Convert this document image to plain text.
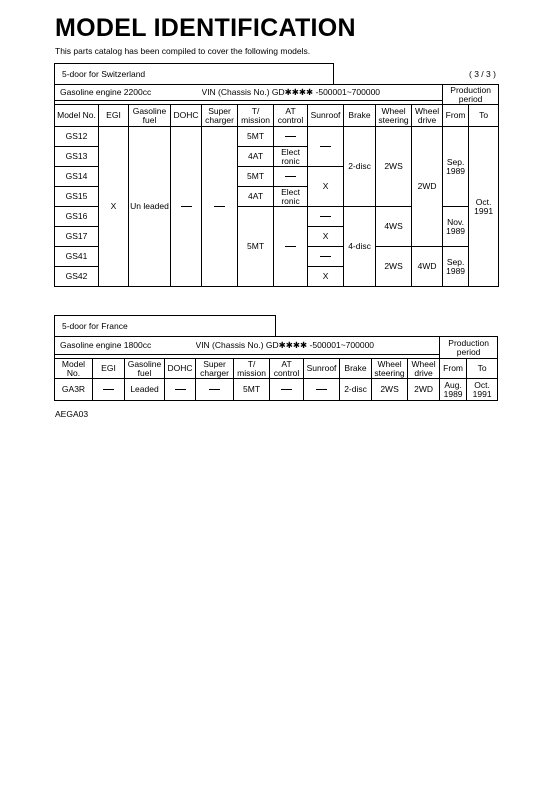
MODEL IDENTIFICATION
This parts catalog has been compiled to cover the following models.
5-door for Switzerland	( 3 / 3 )
Gasoline engine 2200cc				VIN (Chassis No.) GD✱✱✱✱ -500001~700000							Production period	

Model No.	EGI	Gasoline fuel	DOHC	Super charger	T/ mission	AT control	Sunroof	Brake	Wheel steering	Wheel drive	From	To
GS12	X	Un leaded			5MT			2-disc	2WS	2WD	Sep. 1989	Oct. 1991
GS13					4AT	Elect ronic						
GS14					5MT		X					
GS15					4AT	Elect ronic						
GS16					5MT			4-disc	4WS		Nov. 1989	
GS17							X					
GS41									2WS	4WD	Sep. 1989	
GS42							X					
5-door for France
Gasoline engine 1800cc				VIN (Chassis No.) GD✱✱✱✱ -500001~700000							Production period	

Model No.	EGI	Gasoline fuel	DOHC	Super charger	T/ mission	AT control	Sunroof	Brake	Wheel steering	Wheel drive	From	To
GA3R		Leaded			5MT			2-disc	2WS	2WD	Aug. 1989	Oct. 1991
AEGA03
